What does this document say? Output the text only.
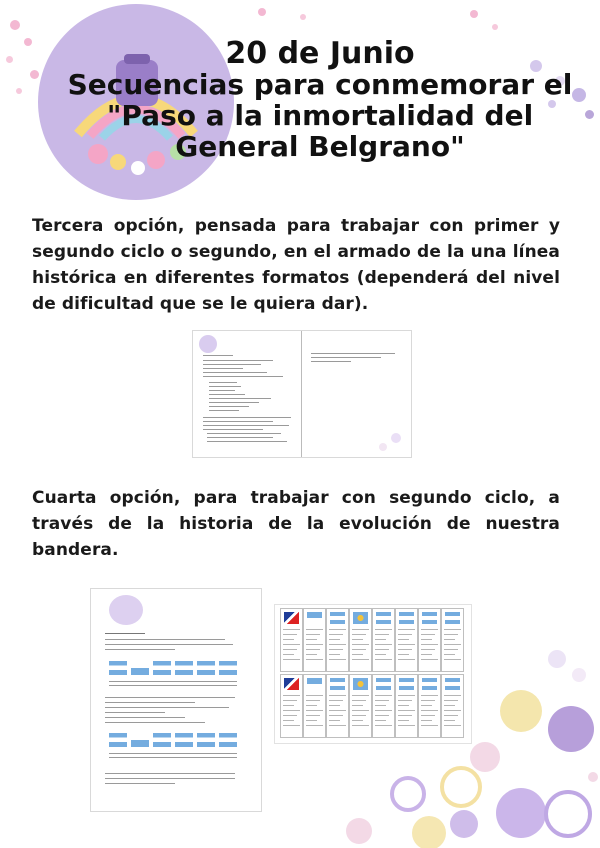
20 de Junio
Secuencias para conmemorar el
"Paso a la inmortalidad del
General Belgrano"
Tercera opción, pensada para trabajar con primer y segundo ciclo o segundo, en el armado de la una línea histórica en diferentes formatos (dependerá del nivel de dificultad que se le quiera dar).
Cuarta opción, para trabajar con segundo ciclo, a través de la historia de la evolución de nuestra bandera.
